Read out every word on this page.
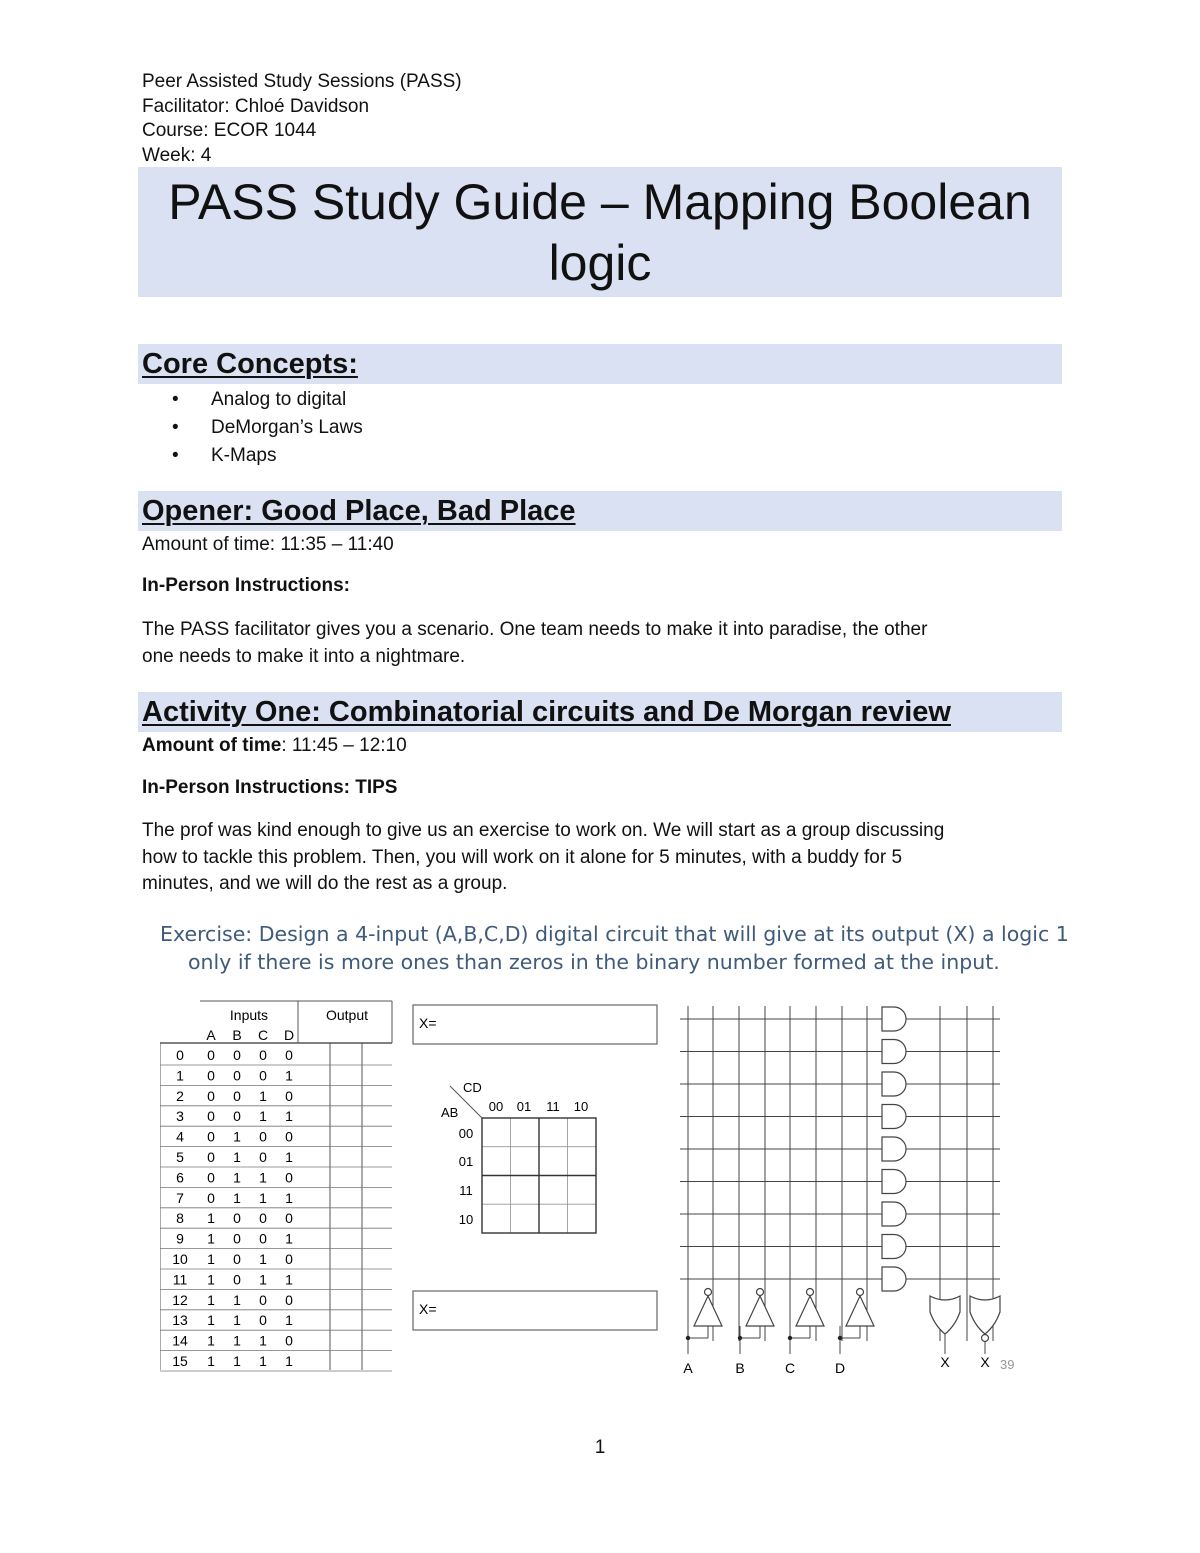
Peer Assisted Study Sessions (PASS)
Facilitator: Chloé Davidson
Course: ECOR 1044
Week: 4
PASS Study Guide – Mapping Boolean
logic
Core Concepts:
• Analog to digital
• DeMorgan’s Laws
• K-Maps
Opener: Good Place, Bad Place
Amount of time: 11:35 – 11:40
In-Person Instructions:
The PASS facilitator gives you a scenario. One team needs to make it into paradise, the other
one needs to make it into a nightmare.
Activity One: Combinatorial circuits and De Morgan review
Amount of time: 11:45 – 12:10
In-Person Instructions: TIPS
The prof was kind enough to give us an exercise to work on. We will start as a group discussing
how to tackle this problem. Then, you will work on it alone for 5 minutes, with a buddy for 5
minutes, and we will do the rest as a group.
Exercise: Design a 4-input (A,B,C,D) digital circuit that will give at its output (X) a logic 1
only if there is more ones than zeros in the binary number formed at the input.
Inputs	Output
A B C D
0 0 0 0 0
1 0 0 0 1
2 0 0 1 0
3 0 0 1 1
4 0 1 0 0
5 0 1 0 1
6 0 1 1 0
7 0 1 1 1
8 1 0 0 0
9 1 0 0 1
10 1 0 1 0
11 1 0 1 1
12 1 1 0 0
13 1 1 0 1
14 1 1 1 0
15 1 1 1 1
X=
X=
CD
AB 00 01 11 10
00
01
11
10
A	B	C	D	X X 39
1
